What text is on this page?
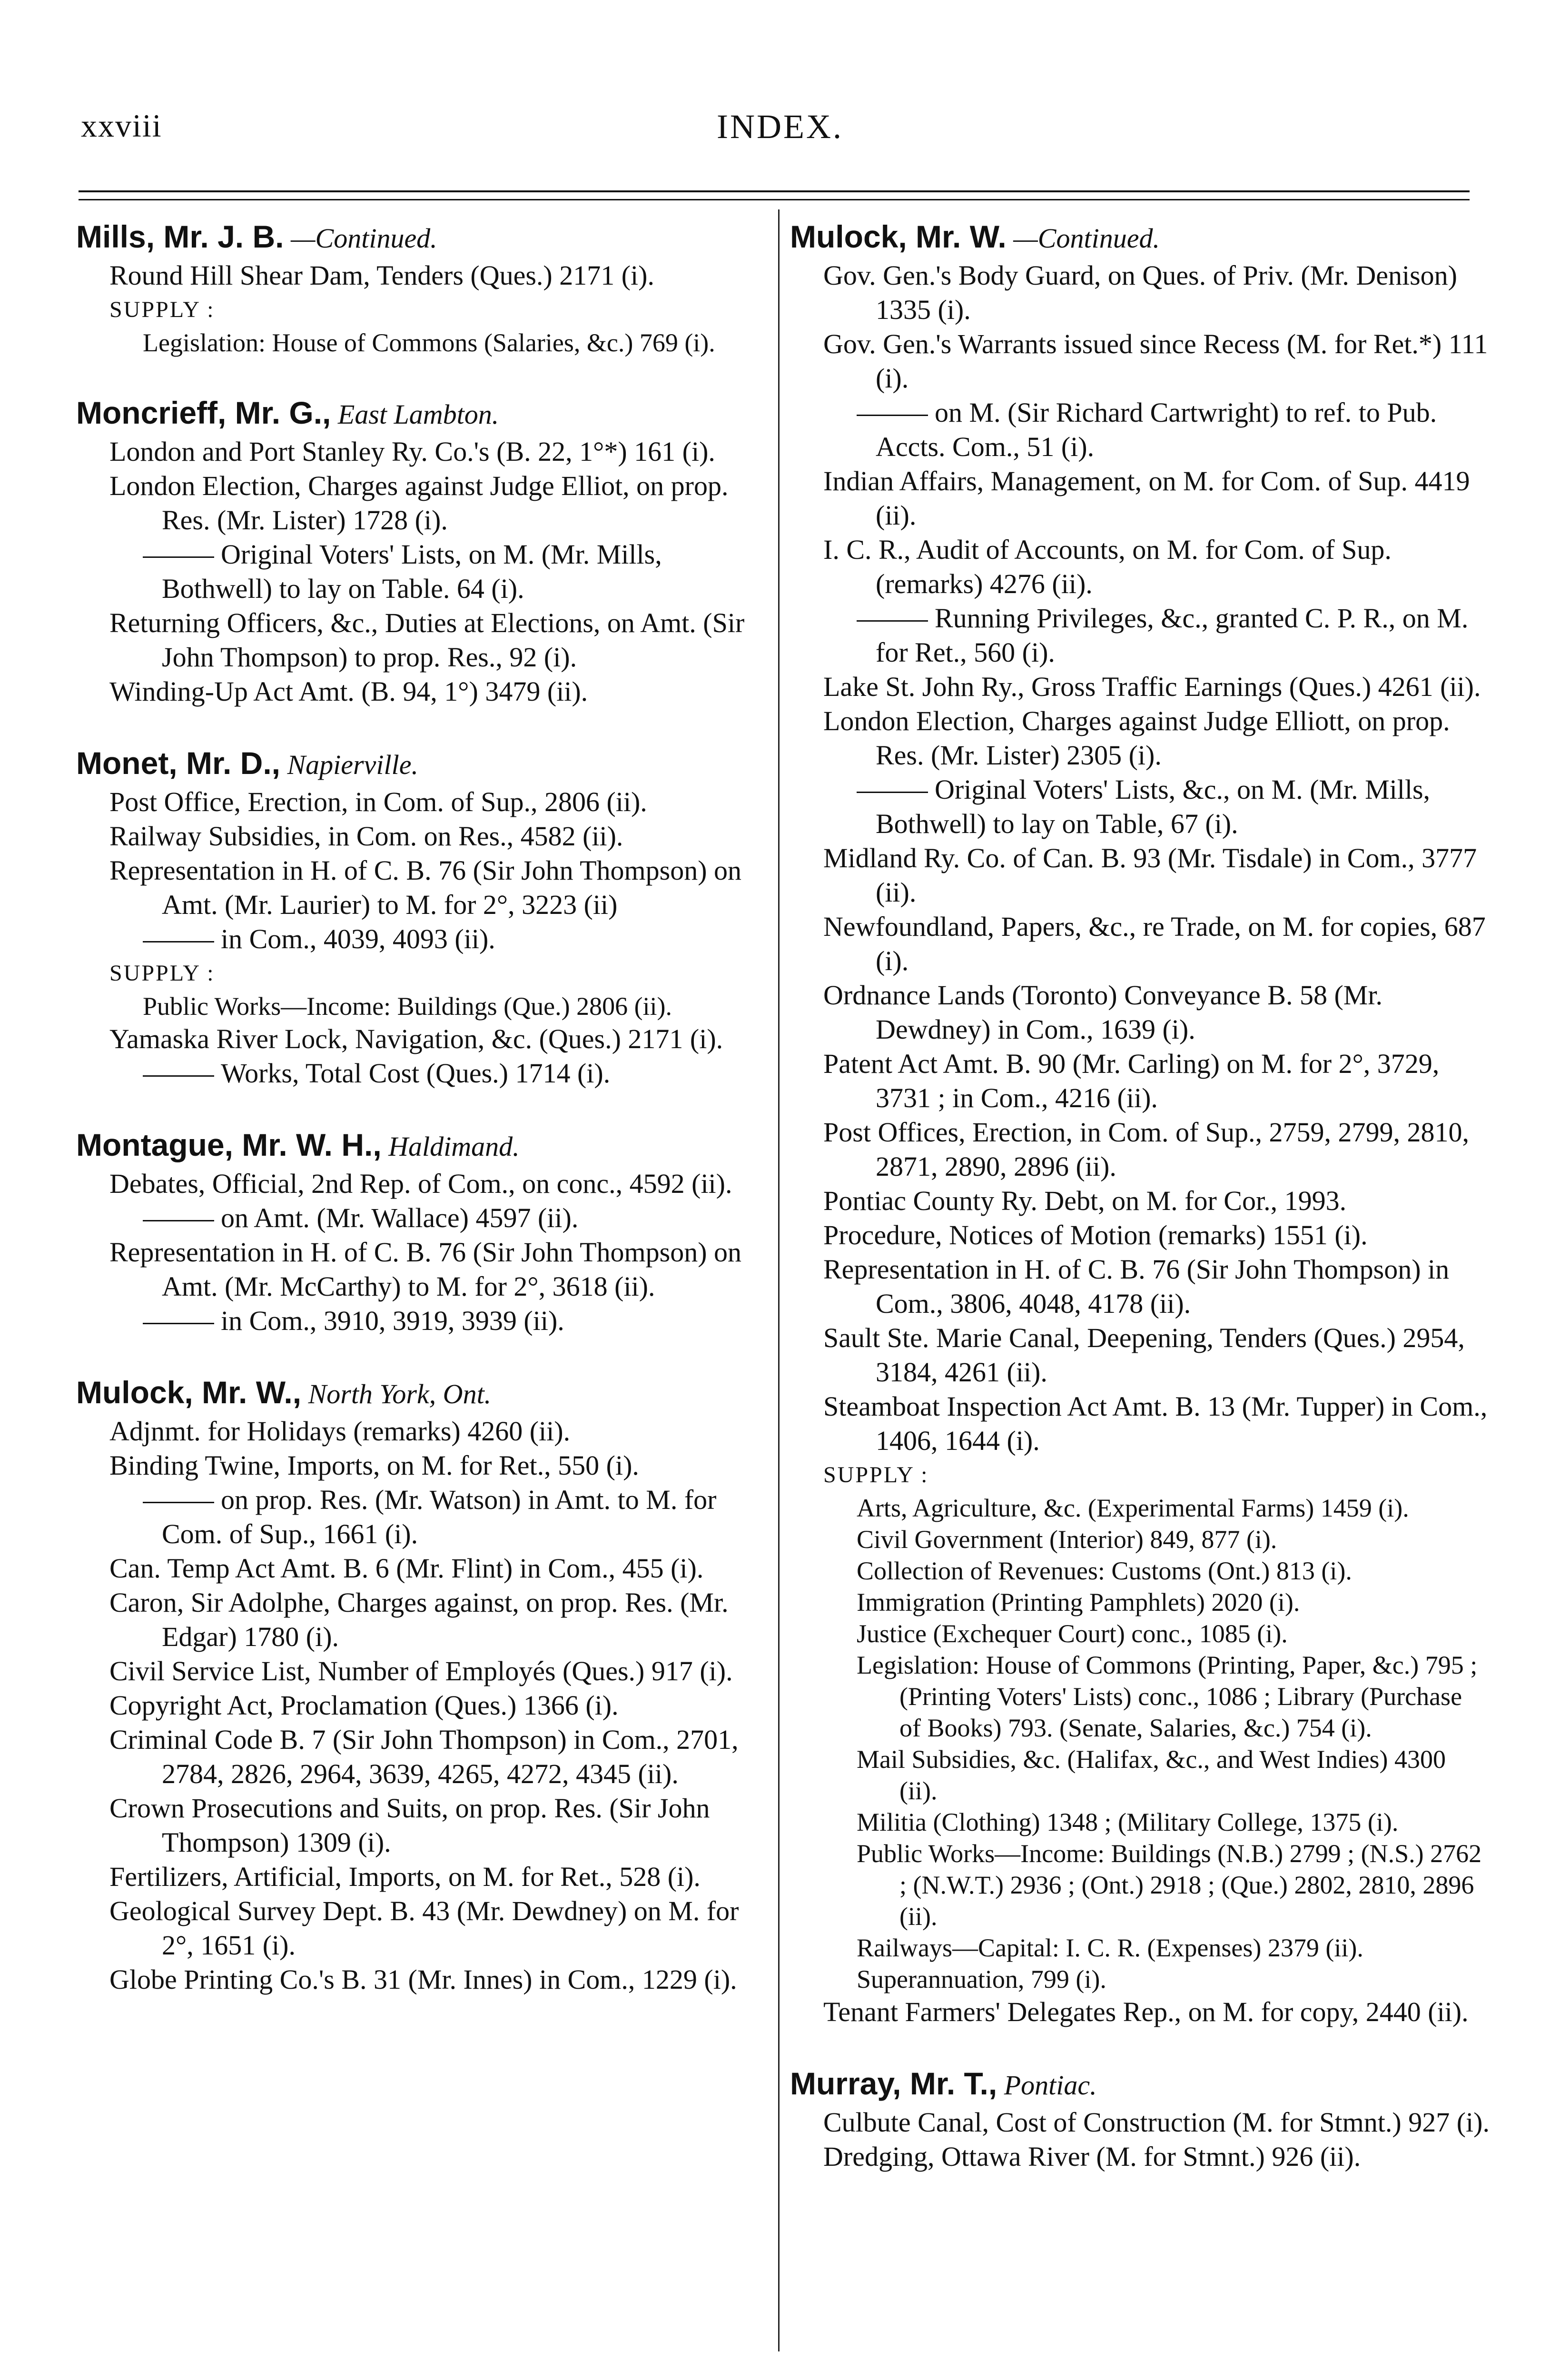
xxviii	INDEX.
Mills, Mr. J. B. —Continued.
Round Hill Shear Dam, Tenders (Ques.) 2171 (i).
SUPPLY :
Legislation: House of Commons (Salaries, &c.) 769 (i).
Moncrieff, Mr. G., East Lambton.
London and Port Stanley Ry. Co.'s (B. 22, 1°*) 161 (i).
London Election, Charges against Judge Elliot, on prop. Res. (Mr. Lister) 1728 (i).
Original Voters' Lists, on M. (Mr. Mills, Bothwell) to lay on Table. 64 (i).
Returning Officers, &c., Duties at Elections, on Amt. (Sir John Thompson) to prop. Res., 92 (i).
Winding-Up Act Amt. (B. 94, 1°) 3479 (ii).
Monet, Mr. D., Napierville.
Post Office, Erection, in Com. of Sup., 2806 (ii).
Railway Subsidies, in Com. on Res., 4582 (ii).
Representation in H. of C. B. 76 (Sir John Thompson) on Amt. (Mr. Laurier) to M. for 2°, 3223 (ii)
in Com., 4039, 4093 (ii).
SUPPLY :
Public Works—Income: Buildings (Que.) 2806 (ii).
Yamaska River Lock, Navigation, &c. (Ques.) 2171 (i).
Works, Total Cost (Ques.) 1714 (i).
Montague, Mr. W. H., Haldimand.
Debates, Official, 2nd Rep. of Com., on conc., 4592 (ii).
on Amt. (Mr. Wallace) 4597 (ii).
Representation in H. of C. B. 76 (Sir John Thompson) on Amt. (Mr. McCarthy) to M. for 2°, 3618 (ii).
in Com., 3910, 3919, 3939 (ii).
Mulock, Mr. W., North York, Ont.
Adjnmt. for Holidays (remarks) 4260 (ii).
Binding Twine, Imports, on M. for Ret., 550 (i).
on prop. Res. (Mr. Watson) in Amt. to M. for Com. of Sup., 1661 (i).
Can. Temp Act Amt. B. 6 (Mr. Flint) in Com., 455 (i).
Caron, Sir Adolphe, Charges against, on prop. Res. (Mr. Edgar) 1780 (i).
Civil Service List, Number of Employés (Ques.) 917 (i).
Copyright Act, Proclamation (Ques.) 1366 (i).
Criminal Code B. 7 (Sir John Thompson) in Com., 2701, 2784, 2826, 2964, 3639, 4265, 4272, 4345 (ii).
Crown Prosecutions and Suits, on prop. Res. (Sir John Thompson) 1309 (i).
Fertilizers, Artificial, Imports, on M. for Ret., 528 (i).
Geological Survey Dept. B. 43 (Mr. Dewdney) on M. for 2°, 1651 (i).
Globe Printing Co.'s B. 31 (Mr. Innes) in Com., 1229 (i).
Mulock, Mr. W. —Continued.
Gov. Gen.'s Body Guard, on Ques. of Priv. (Mr. Denison) 1335 (i).
Gov. Gen.'s Warrants issued since Recess (M. for Ret.*) 111 (i).
on M. (Sir Richard Cartwright) to ref. to Pub. Accts. Com., 51 (i).
Indian Affairs, Management, on M. for Com. of Sup. 4419 (ii).
I. C. R., Audit of Accounts, on M. for Com. of Sup. (remarks) 4276 (ii).
Running Privileges, &c., granted C. P. R., on M. for Ret., 560 (i).
Lake St. John Ry., Gross Traffic Earnings (Ques.) 4261 (ii).
London Election, Charges against Judge Elliott, on prop. Res. (Mr. Lister) 2305 (i).
Original Voters' Lists, &c., on M. (Mr. Mills, Bothwell) to lay on Table, 67 (i).
Midland Ry. Co. of Can. B. 93 (Mr. Tisdale) in Com., 3777 (ii).
Newfoundland, Papers, &c., re Trade, on M. for copies, 687 (i).
Ordnance Lands (Toronto) Conveyance B. 58 (Mr. Dewdney) in Com., 1639 (i).
Patent Act Amt. B. 90 (Mr. Carling) on M. for 2°, 3729, 3731 ; in Com., 4216 (ii).
Post Offices, Erection, in Com. of Sup., 2759, 2799, 2810, 2871, 2890, 2896 (ii).
Pontiac County Ry. Debt, on M. for Cor., 1993.
Procedure, Notices of Motion (remarks) 1551 (i).
Representation in H. of C. B. 76 (Sir John Thompson) in Com., 3806, 4048, 4178 (ii).
Sault Ste. Marie Canal, Deepening, Tenders (Ques.) 2954, 3184, 4261 (ii).
Steamboat Inspection Act Amt. B. 13 (Mr. Tupper) in Com., 1406, 1644 (i).
SUPPLY :
Arts, Agriculture, &c. (Experimental Farms) 1459 (i).
Civil Government (Interior) 849, 877 (i).
Collection of Revenues: Customs (Ont.) 813 (i).
Immigration (Printing Pamphlets) 2020 (i).
Justice (Exchequer Court) conc., 1085 (i).
Legislation: House of Commons (Printing, Paper, &c.) 795 ; (Printing Voters' Lists) conc., 1086 ; Library (Purchase of Books) 793. (Senate, Salaries, &c.) 754 (i).
Mail Subsidies, &c. (Halifax, &c., and West Indies) 4300 (ii).
Militia (Clothing) 1348 ; (Military College, 1375 (i).
Public Works—Income: Buildings (N.B.) 2799 ; (N.S.) 2762 ; (N.W.T.) 2936 ; (Ont.) 2918 ; (Que.) 2802, 2810, 2896 (ii).
Railways—Capital: I. C. R. (Expenses) 2379 (ii).
Superannuation, 799 (i).
Tenant Farmers' Delegates Rep., on M. for copy, 2440 (ii).
Murray, Mr. T., Pontiac.
Culbute Canal, Cost of Construction (M. for Stmnt.) 927 (i).
Dredging, Ottawa River (M. for Stmnt.) 926 (ii).
